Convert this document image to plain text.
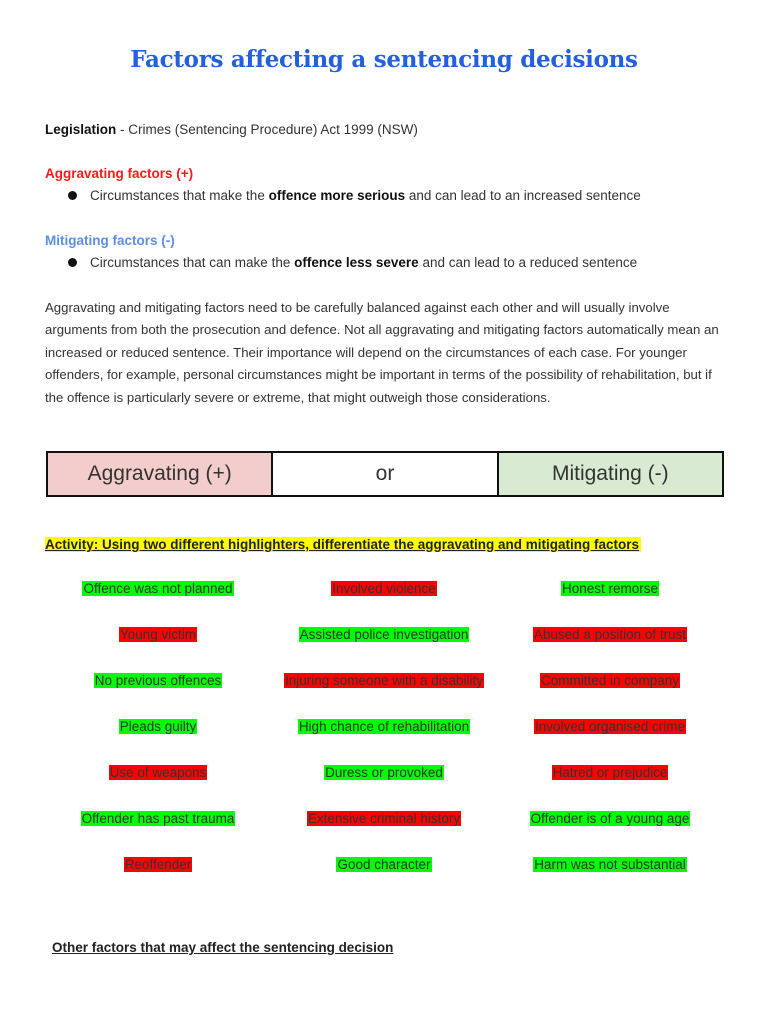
Factors affecting a sentencing decisions
Legislation - Crimes (Sentencing Procedure) Act 1999 (NSW)
Aggravating factors (+)
Circumstances that make the offence more serious and can lead to an increased sentence
Mitigating factors (-)
Circumstances that can make the offence less severe and can lead to a reduced sentence

Aggravating and mitigating factors need to be carefully balanced against each other and will usually involve arguments from both the prosecution and defence. Not all aggravating and mitigating factors automatically mean an increased or reduced sentence. Their importance will depend on the circumstances of each case. For younger offenders, for example, personal circumstances might be important in terms of the possibility of rehabilitation, but if the offence is particularly severe or extreme, that might outweigh those considerations.

Aggravating (+)	or	Mitigating (-)
Activity: Using two different highlighters, differentiate the aggravating and mitigating factors
Offence was not planned	Involved violence	Honest remorse
Young victim	Assisted police investigation	Abused a position of trust
No previous offences	Injuring someone with a disability	Committed in company
Pleads guilty	High chance of rehabilitation	Involved organised crime
Use of weapons	Duress or provoked	Hatred or prejudice
Offender has past trauma	Extensive criminal history	Offender is of a young age
Reoffender	Good character	Harm was not substantial
Other factors that may affect the sentencing decision
